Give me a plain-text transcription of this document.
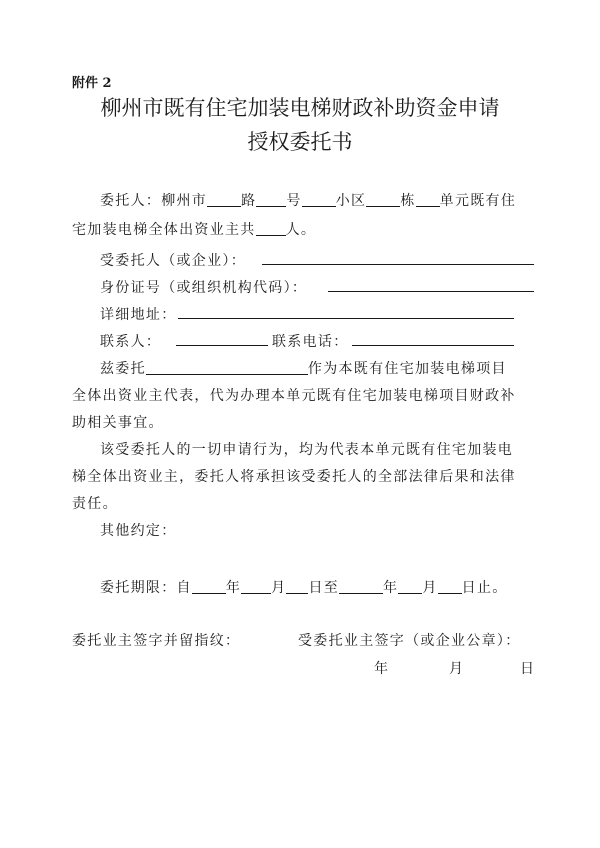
附件 2
柳州市既有住宅加装电梯财政补助资金申请
授权委托书
委托人：柳州市 路 号 小区 栋 单元既有住
宅加装电梯全体出资业主共 人。
受委托人（或企业）：
身份证号（或组织机构代码）：
详细地址：
联系人：	联系电话：
兹委托	作为本既有住宅加装电梯项目
全体出资业主代表，代为办理本单元既有住宅加装电梯项目财政补
助相关事宜。
该受委托人的一切申请行为，均为代表本单元既有住宅加装电
梯全体出资业主，委托人将承担该受委托人的全部法律后果和法律
责任。
其他约定：
委托期限：自 年 月 日至	年 月 日止。
委托业主签字并留指纹：	受委托业主签字（或企业公章）：
年	月	日
